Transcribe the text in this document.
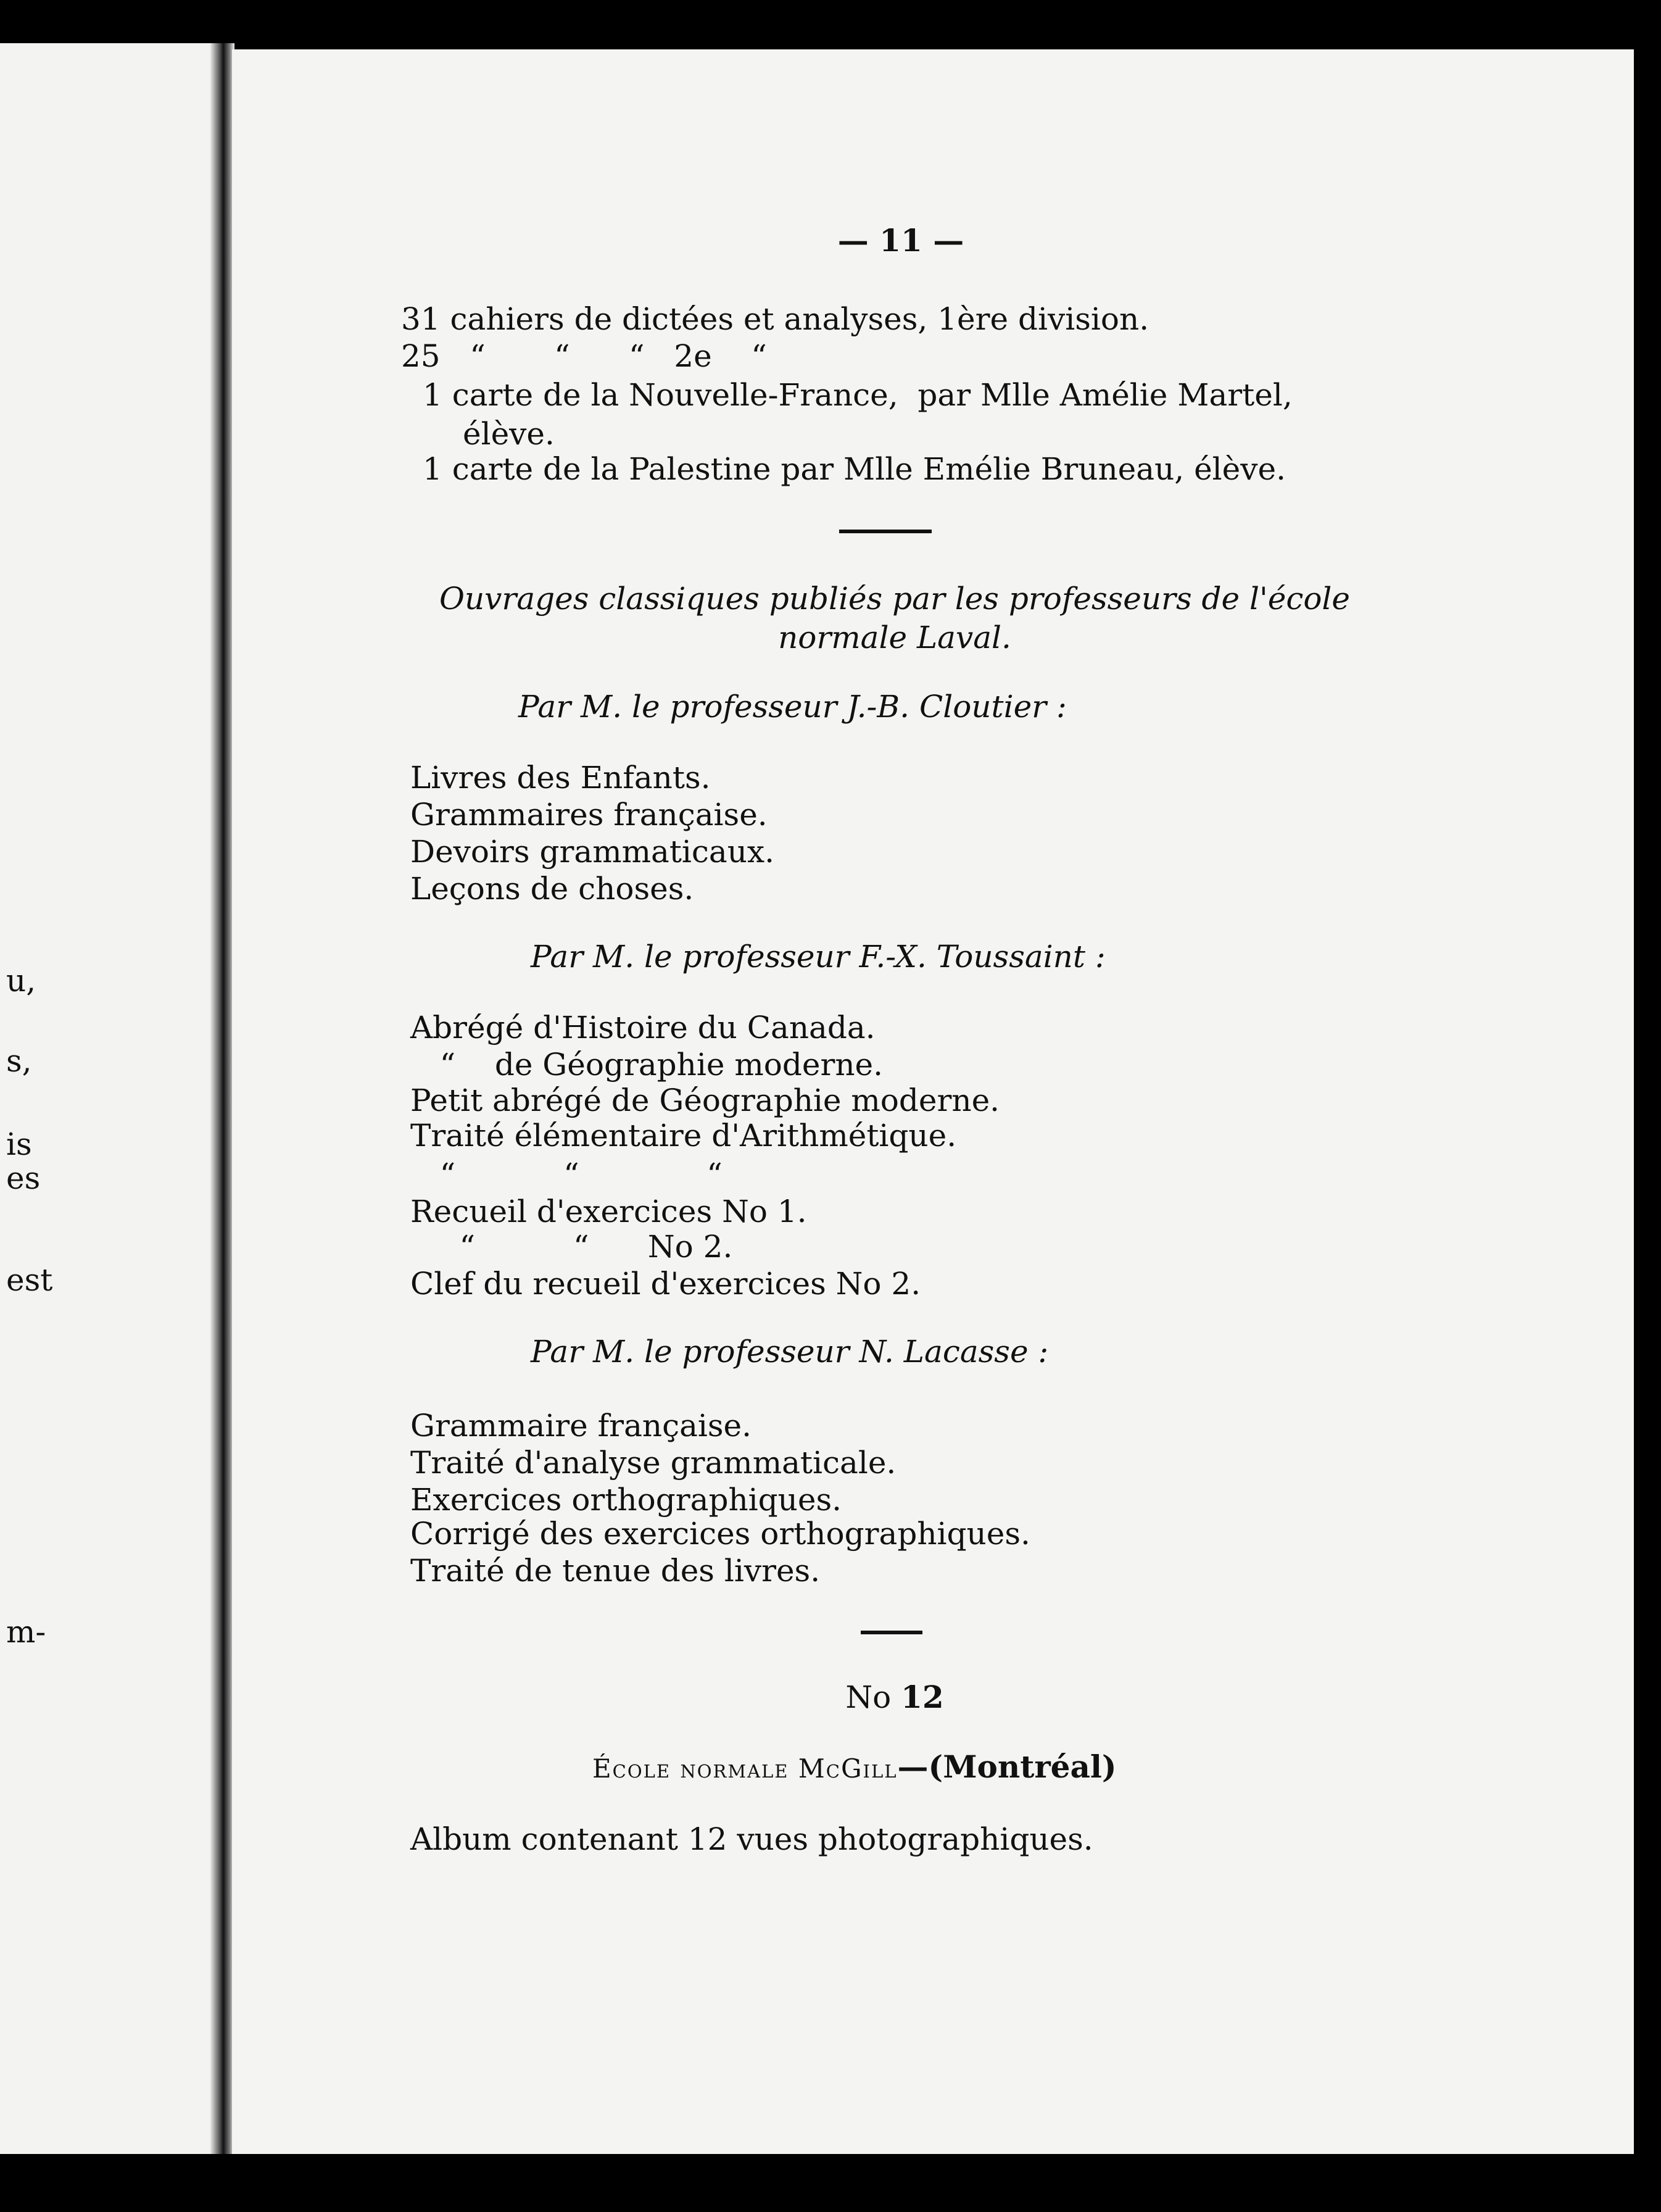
u,
s,
is
es
est
m-
— 11 —
31 cahiers de dictées et analyses, 1ère division.
25   “       “      “   2e    “
1 carte de la Nouvelle-France,  par Mlle Amélie Martel,
élève.
1 carte de la Palestine par Mlle Emélie Bruneau, élève.
Ouvrages classiques publiés par les professeurs de l'école
normale Laval.
Par M. le professeur J.-B. Cloutier :
Livres des Enfants.
Grammaires française.
Devoirs grammaticaux.
Leçons de choses.
Par M. le professeur F.-X. Toussaint :
Abrégé d'Histoire du Canada.
“    de Géographie moderne.
Petit abrégé de Géographie moderne.
Traité élémentaire d'Arithmétique.
“           “             “
Recueil d'exercices No 1.
“          “      No 2.
Clef du recueil d'exercices No 2.
Par M. le professeur N. Lacasse :
Grammaire française.
Traité d'analyse grammaticale.
Exercices orthographiques.
Corrigé des exercices orthographiques.
Traité de tenue des livres.
No 12
École normale McGill—(Montréal)
Album contenant 12 vues photographiques.
